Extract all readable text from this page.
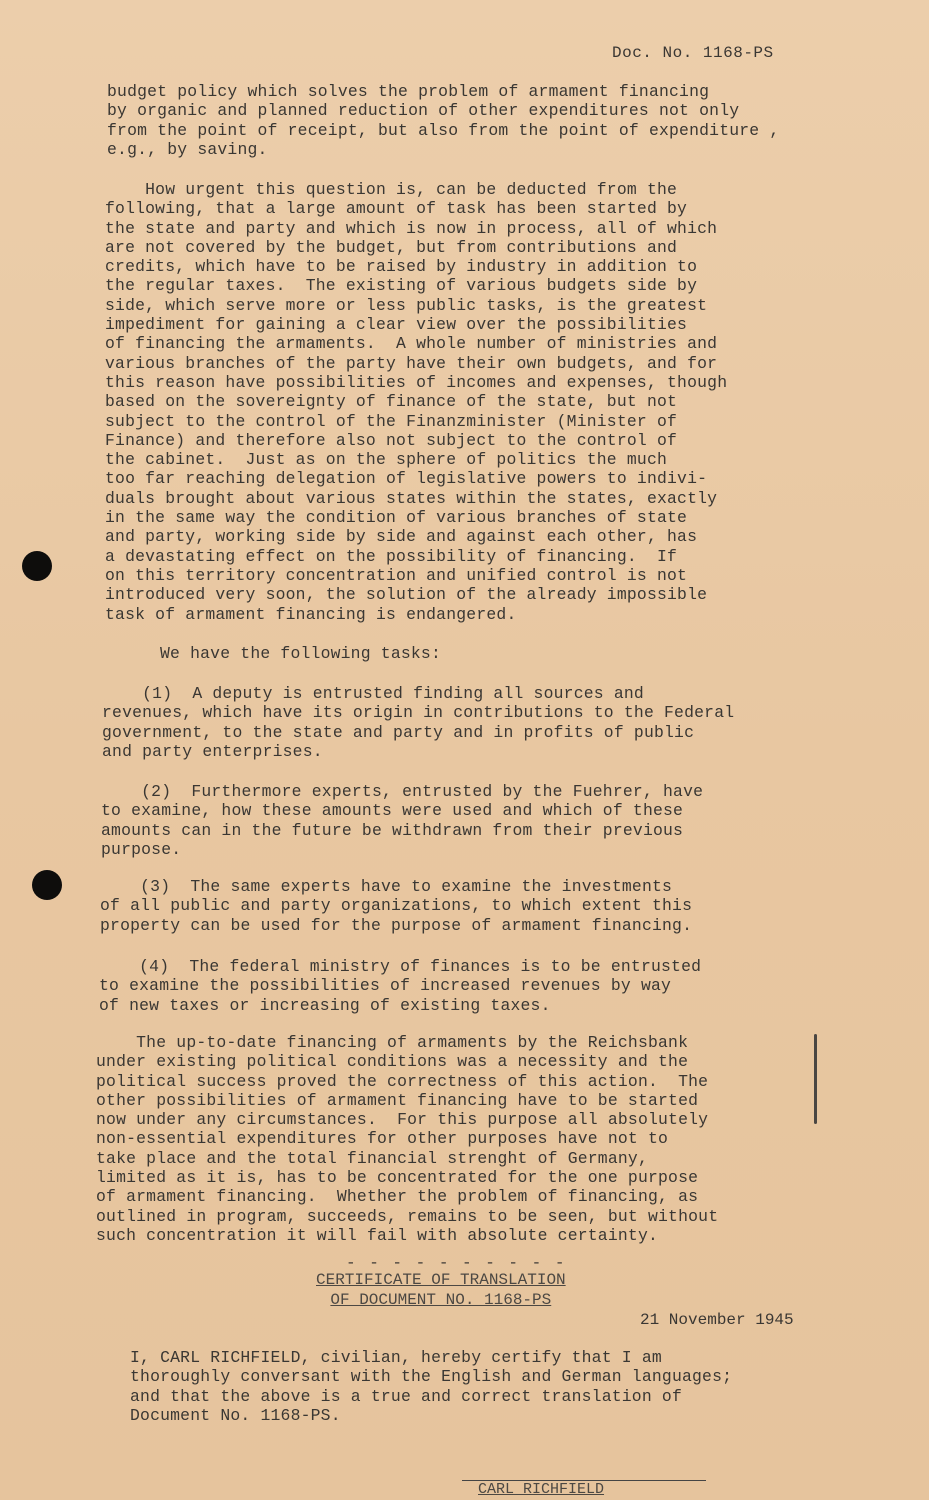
Doc. No. 1168-PS

budget policy which solves the problem of armament financing
by organic and planned reduction of other expenditures not only
from the point of receipt, but also from the point of expenditure ,
e.g., by saving.

How urgent this question is, can be deducted from the
following, that a large amount of task has been started by
the state and party and which is now in process, all of which
are not covered by the budget, but from contributions and
credits, which have to be raised by industry in addition to
the regular taxes.  The existing of various budgets side by
side, which serve more or less public tasks, is the greatest
impediment for gaining a clear view over the possibilities
of financing the armaments.  A whole number of ministries and
various branches of the party have their own budgets, and for
this reason have possibilities of incomes and expenses, though
based on the sovereignty of finance of the state, but not
subject to the control of the Finanzminister (Minister of
Finance) and therefore also not subject to the control of
the cabinet.  Just as on the sphere of politics the much
too far reaching delegation of legislative powers to indivi-
duals brought about various states within the states, exactly
in the same way the condition of various branches of state
and party, working side by side and against each other, has
a devastating effect on the possibility of financing.  If
on this territory concentration and unified control is not
introduced very soon, the solution of the already impossible
task of armament financing is endangered.

We have the following tasks:

(1)  A deputy is entrusted finding all sources and
revenues, which have its origin in contributions to the Federal
government, to the state and party and in profits of public
and party enterprises.

(2)  Furthermore experts, entrusted by the Fuehrer, have
to examine, how these amounts were used and which of these
amounts can in the future be withdrawn from their previous
purpose.

(3)  The same experts have to examine the investments
of all public and party organizations, to which extent this
property can be used for the purpose of armament financing.

(4)  The federal ministry of finances is to be entrusted
to examine the possibilities of increased revenues by way
of new taxes or increasing of existing taxes.

The up-to-date financing of armaments by the Reichsbank
under existing political conditions was a necessity and the
political success proved the correctness of this action.  The
other possibilities of armament financing have to be started
now under any circumstances.  For this purpose all absolutely
non-essential expenditures for other purposes have not to
take place and the total financial strenght of Germany,
limited as it is, has to be concentrated for the one purpose
of armament financing.  Whether the problem of financing, as
outlined in program, succeeds, remains to be seen, but without
such concentration it will fail with absolute certainty.

- - - - - - - - - -
CERTIFICATE OF TRANSLATION
OF DOCUMENT NO. 1168-PS
21 November 1945

I, CARL RICHFIELD, civilian, hereby certify that I am
thoroughly conversant with the English and German languages;
and that the above is a true and correct translation of
Document No. 1168-PS.

CARL RICHFIELD
